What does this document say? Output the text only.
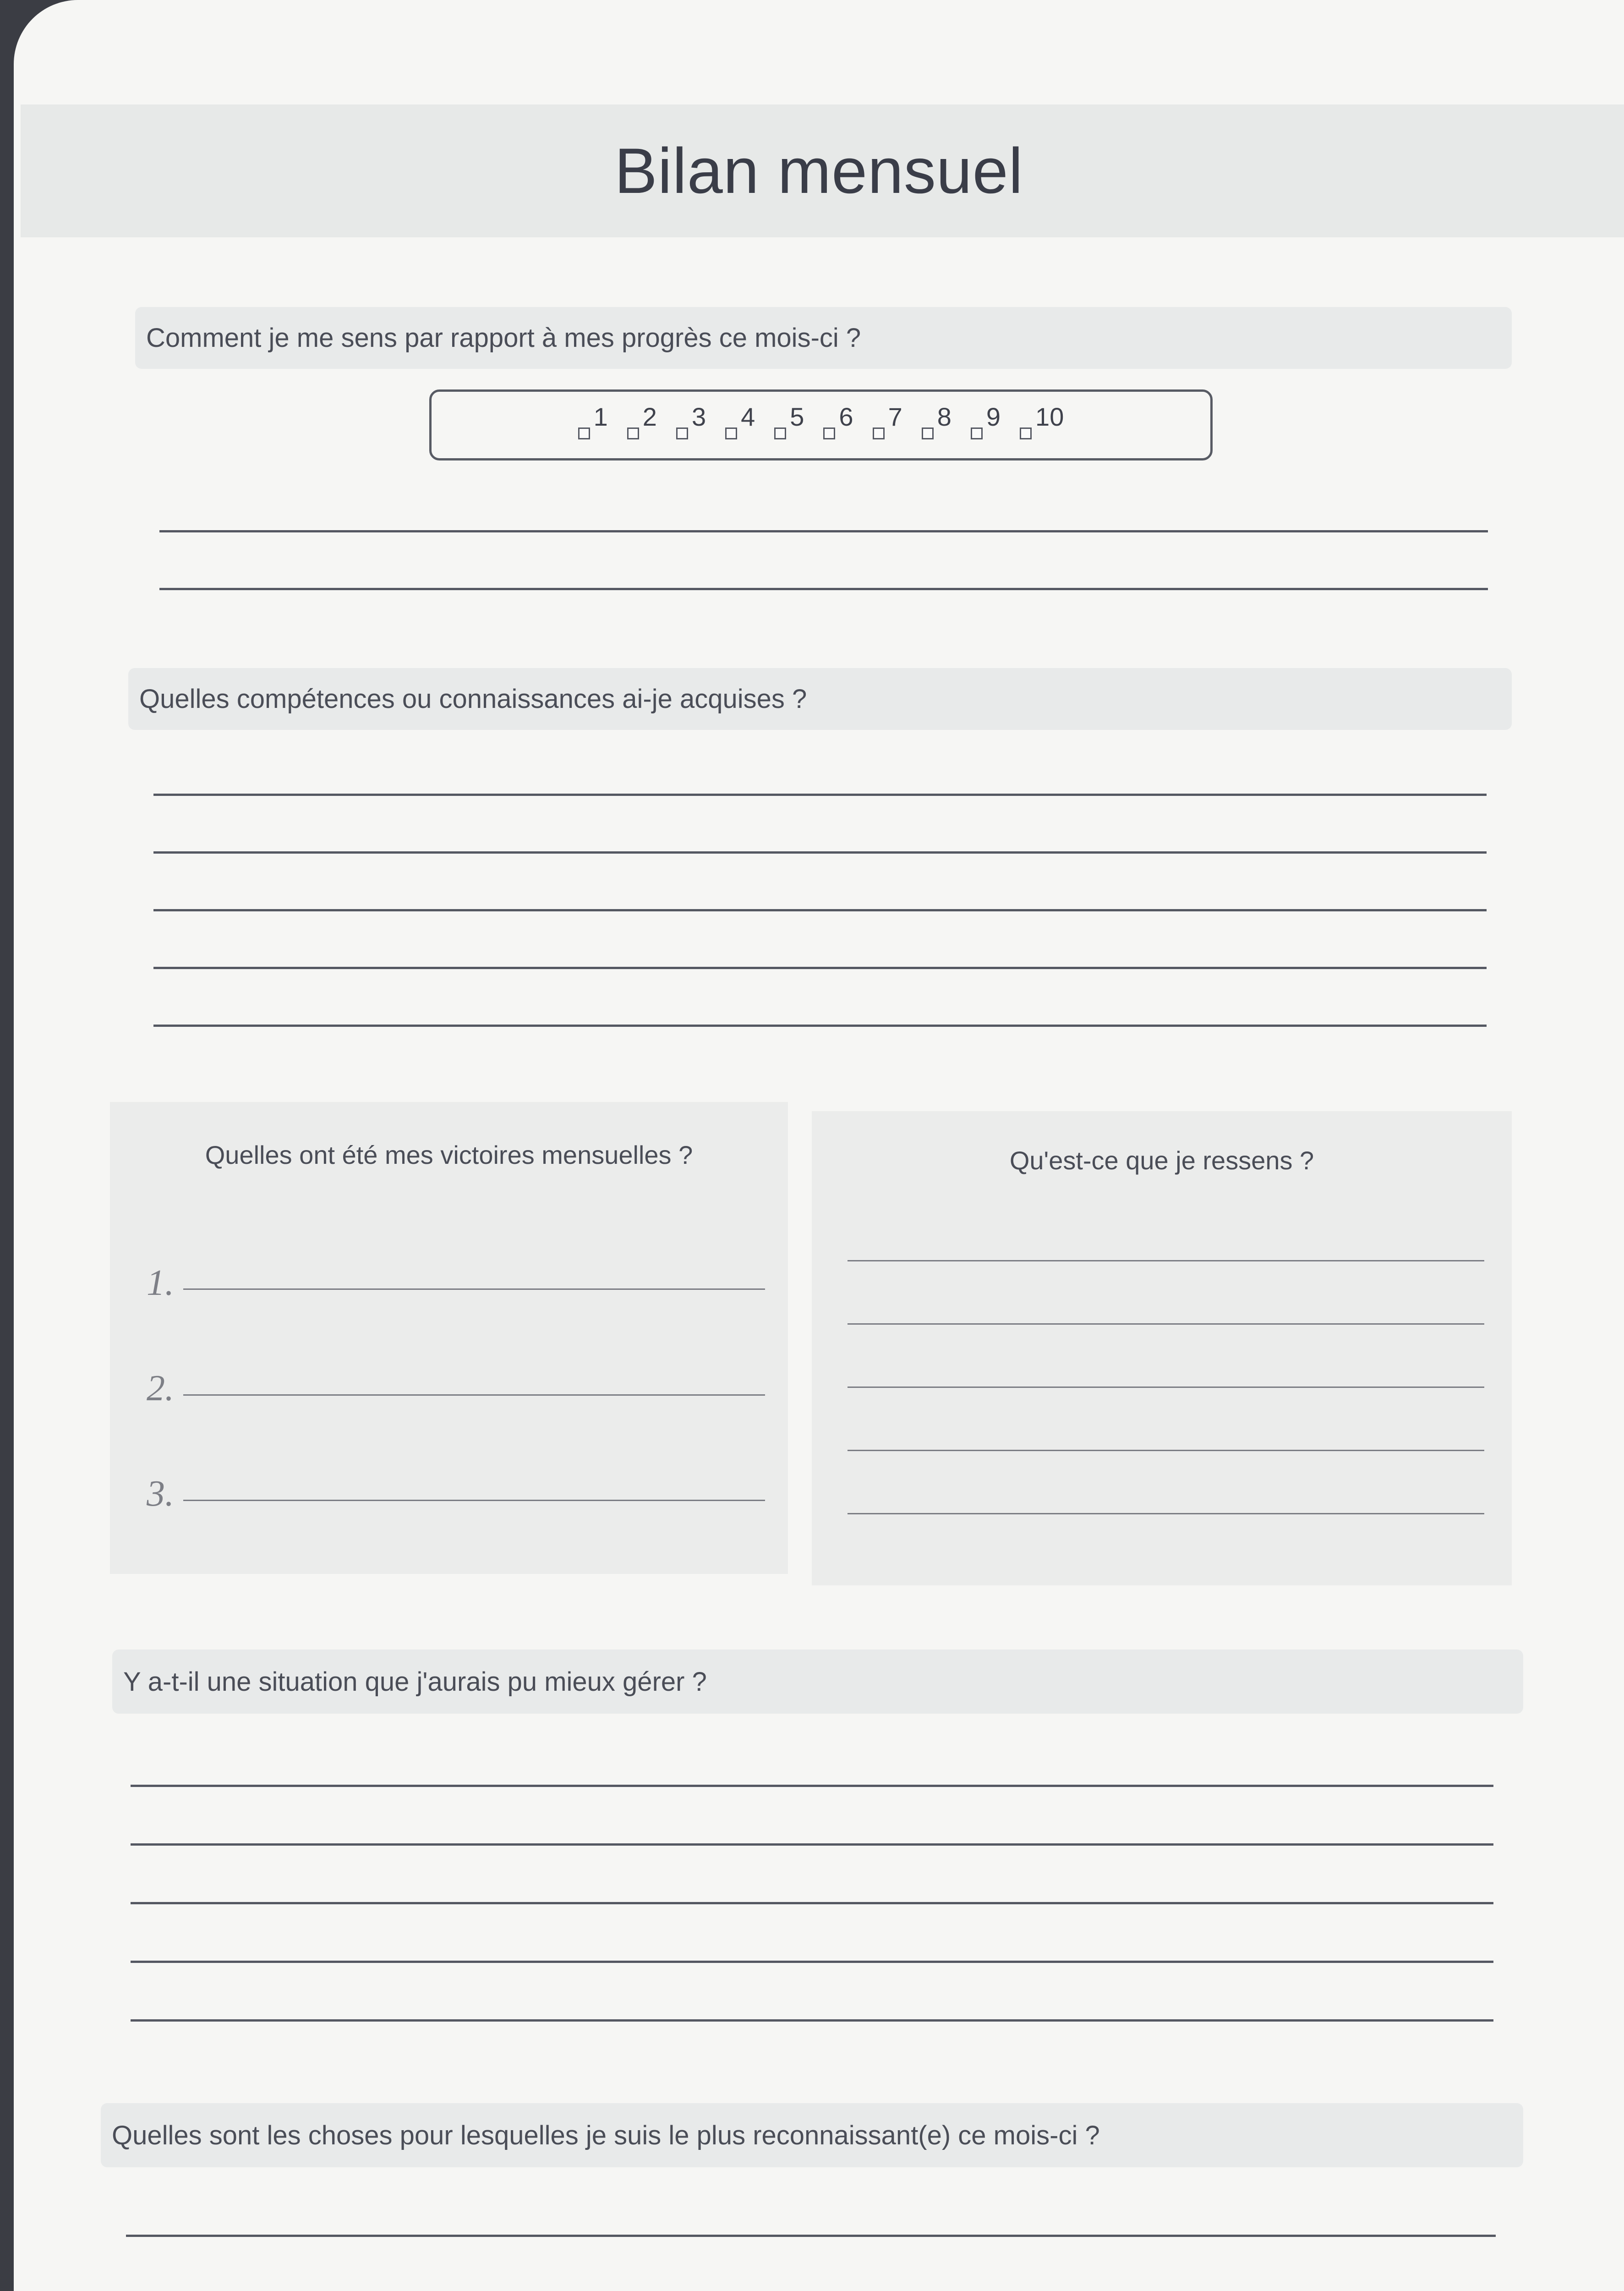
Bilan mensuel
Comment je me sens par rapport à mes progrès ce mois-ci ?
1 2 3 4 5 6 7 8 9 10
Quelles compétences ou connaissances ai-je acquises ?
Quelles ont été mes victoires mensuelles ?
1.
2.
3.
Qu'est-ce que je ressens ?
Y a-t-il une situation que j'aurais pu mieux gérer ?
Quelles sont les choses pour lesquelles je suis le plus reconnaissant(e) ce mois-ci ?
